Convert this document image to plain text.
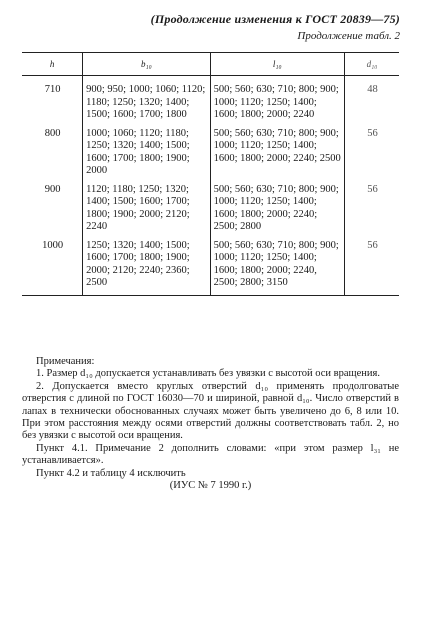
(Продолжение изменения к ГОСТ 20839—75)
Продолжение табл. 2
h	b₁₀	l₁₀	d₁₀
710	900; 950; 1000; 1060; 1120; 1180; 1250; 1320; 1400; 1500; 1600; 1700; 1800	500; 560; 630; 710; 800; 900; 1000; 1120; 1250; 1400; 1600; 1800; 2000; 2240	48
800	1000; 1060; 1120; 1180; 1250; 1320; 1400; 1500; 1600; 1700; 1800; 1900; 2000	500; 560; 630; 710; 800; 900; 1000; 1120; 1250; 1400; 1600; 1800; 2000; 2240; 2500	56
900	1120; 1180; 1250; 1320; 1400; 1500; 1600; 1700; 1800; 1900; 2000; 2120; 2240	500; 560; 630; 710; 800; 900; 1000; 1120; 1250; 1400; 1600; 1800; 2000; 2240; 2500; 2800	56
1000	1250; 1320; 1400; 1500; 1600; 1700; 1800; 1900; 2000; 2120; 2240; 2360; 2500	500; 560; 630; 710; 800; 900; 1000; 1120; 1250; 1400; 1600; 1800; 2000; 2240, 2500; 2800; 3150	56

Примечания:

1. Размер d₁₀ допускается устанавливать без увязки с высотой оси вращения.

2. Допускается вместо круглых отверстий d₁₀ применять продолговатые отверстия с длиной по ГОСТ 16030—70 и шириной, равной d₁₀. Число отверстий в лапах в технически обоснованных случаях может быть увеличено до 6, 8 или 10. При этом расстояния между осями отверстий должны соответствовать табл. 2, но без увязки с высотой оси вращения.

Пункт 4.1. Примечание 2 дополнить словами: «при этом размер l₃₁ не устанавливается».

Пункт 4.2 и таблицу 4 исключить

(ИУС № 7 1990 г.)
